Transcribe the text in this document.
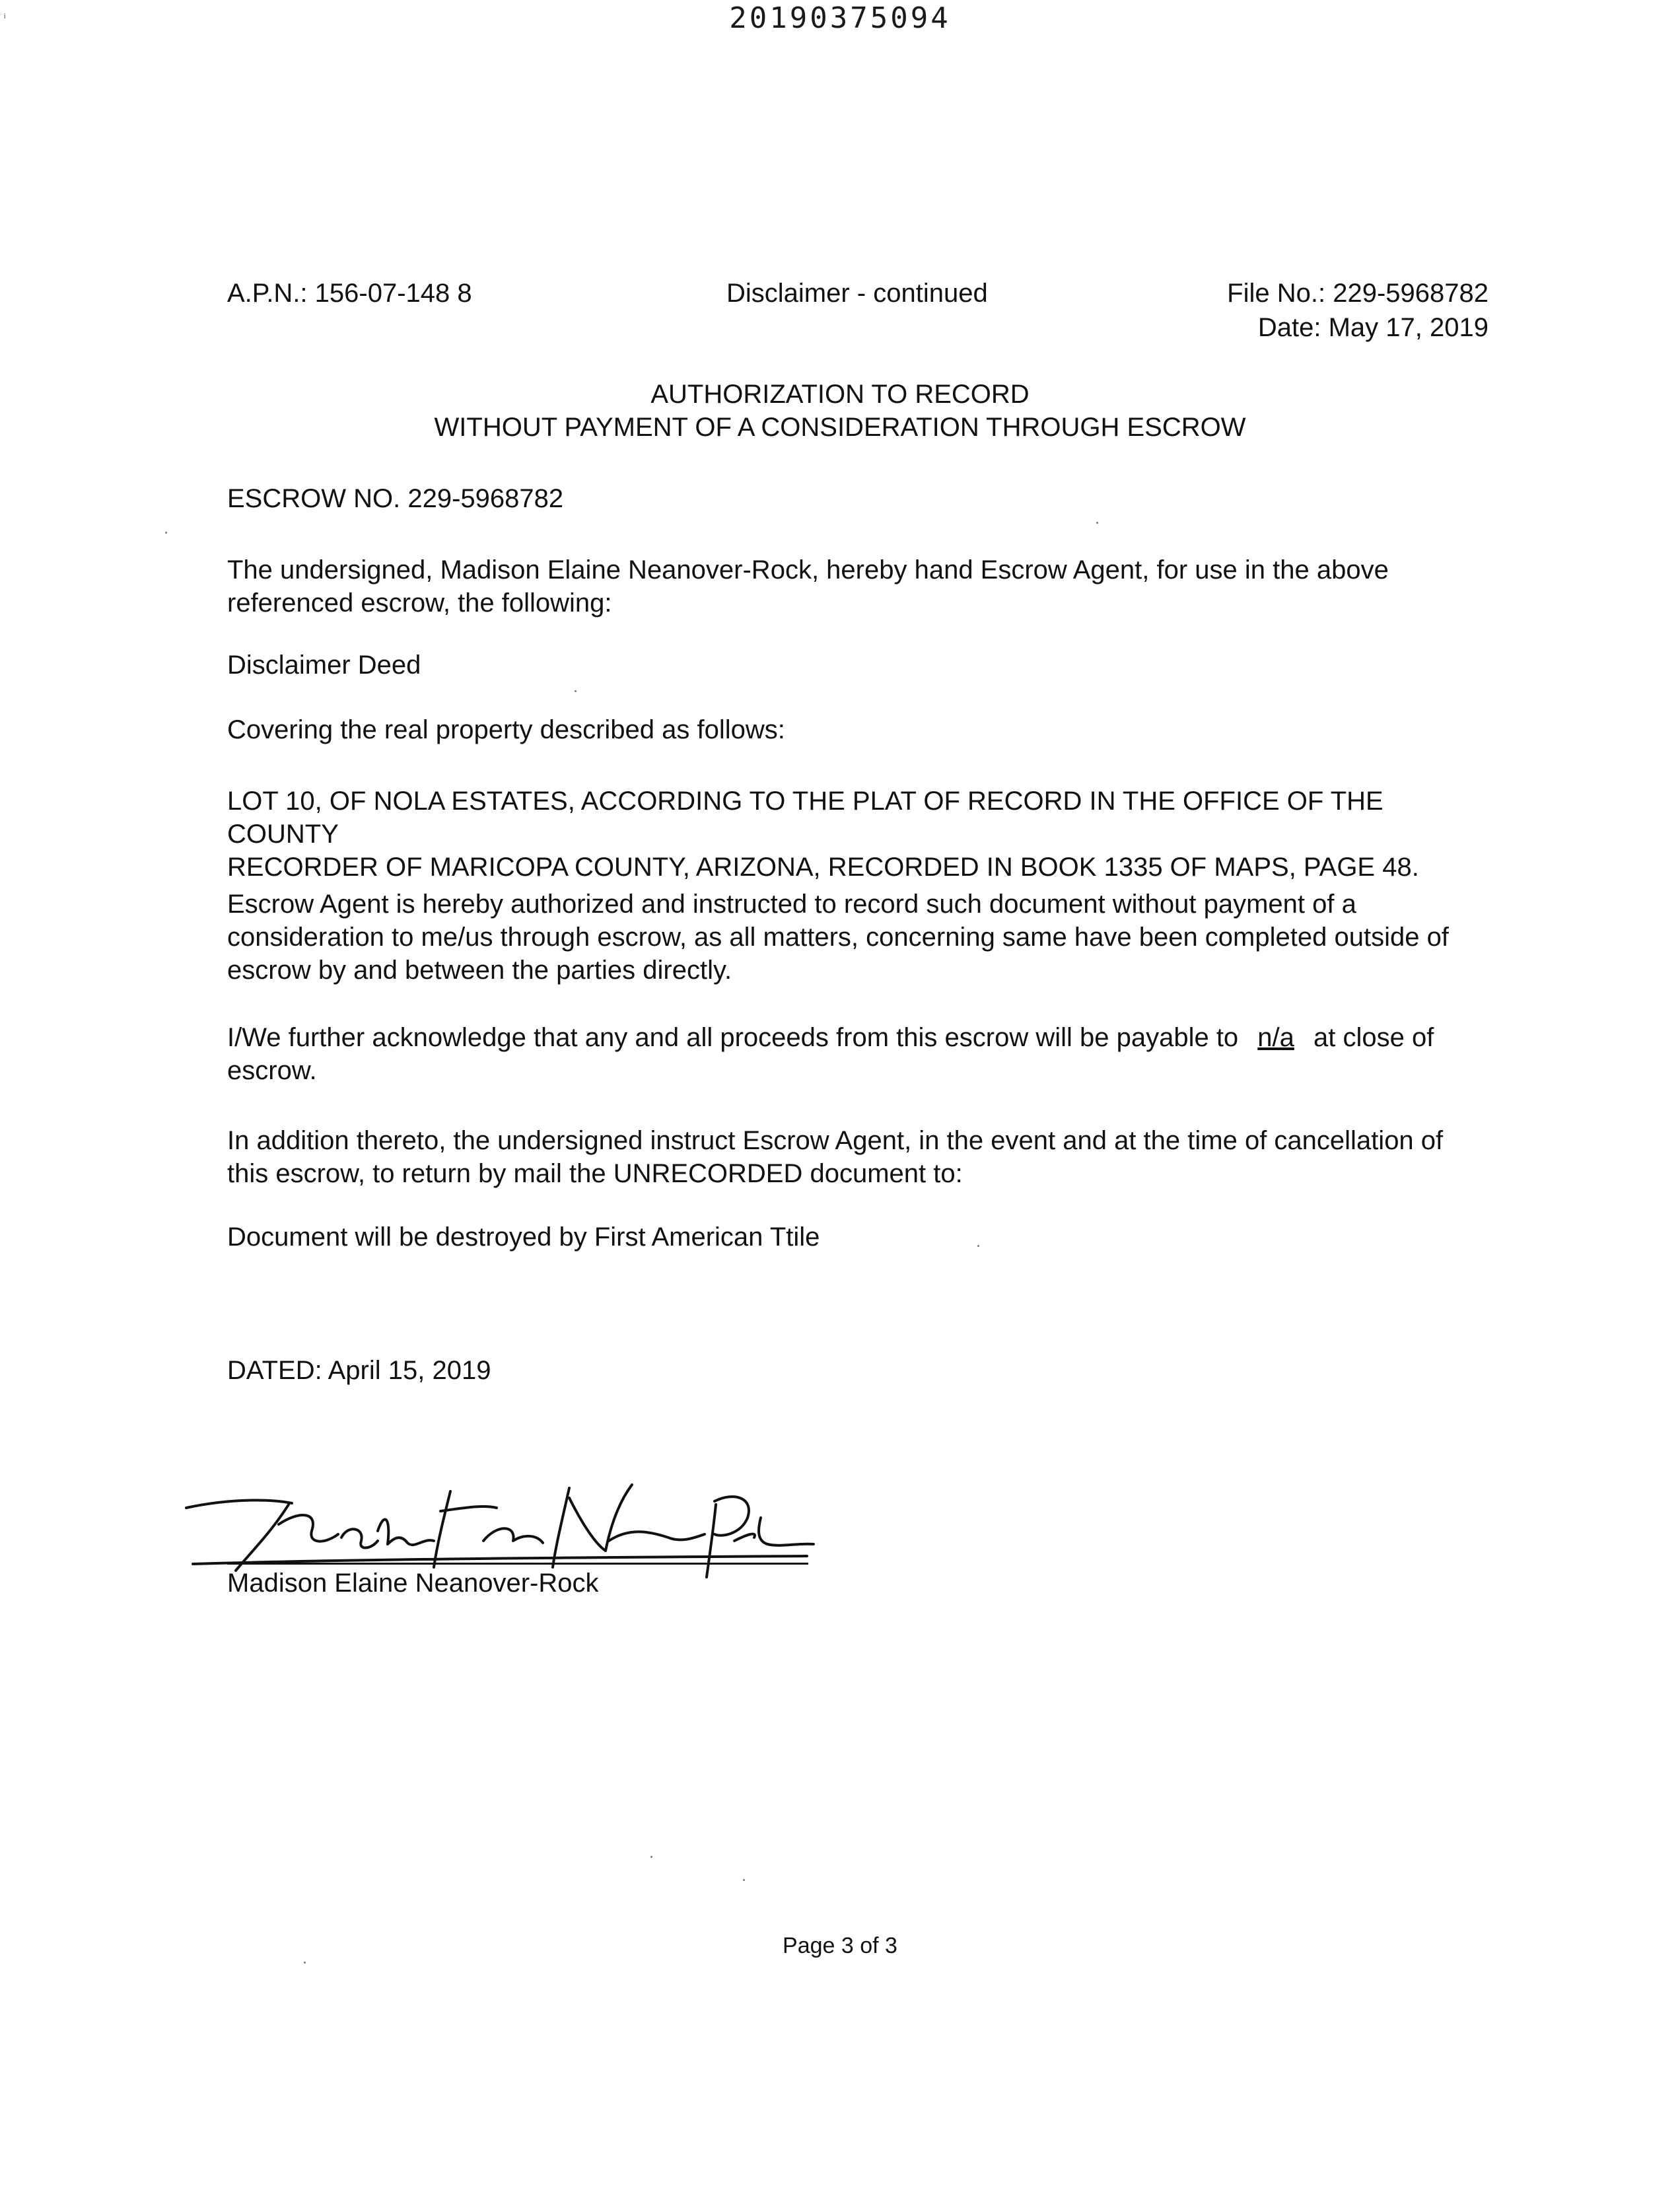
ᵢ	20190375094
A.P.N.: 156-07-148 8	Disclaimer - continued	File No.: 229-5968782
Date: May 17, 2019
AUTHORIZATION TO RECORD
WITHOUT PAYMENT OF A CONSIDERATION THROUGH ESCROW
ESCROW NO. 229-5968782
The undersigned, Madison Elaine Neanover-Rock, hereby hand Escrow Agent, for use in the above
referenced escrow, the following:
Disclaimer Deed
Covering the real property described as follows:
LOT 10, OF NOLA ESTATES, ACCORDING TO THE PLAT OF RECORD IN THE OFFICE OF THE COUNTY
RECORDER OF MARICOPA COUNTY, ARIZONA, RECORDED IN BOOK 1335 OF MAPS, PAGE 48.
Escrow Agent is hereby authorized and instructed to record such document without payment of a
consideration to me/us through escrow, as all matters, concerning same have been completed outside of
escrow by and between the parties directly.
I/We further acknowledge that any and all proceeds from this escrow will be payable to n/a at close of
escrow.
In addition thereto, the undersigned instruct Escrow Agent, in the event and at the time of cancellation of
this escrow, to return by mail the UNRECORDED document to:
Document will be destroyed by First American Ttile
DATED: April 15, 2019
Madison Elaine Neanover-Rock
Page 3 of 3
